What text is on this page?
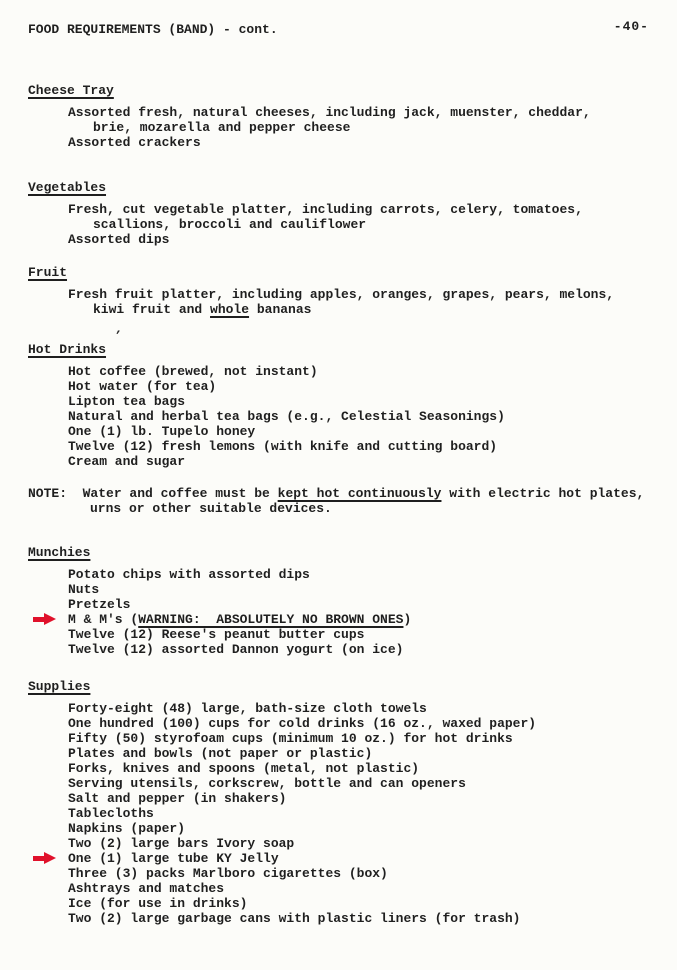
FOOD REQUIREMENTS (BAND) - cont.	-40-
Cheese Tray
Assorted fresh, natural cheeses, including jack, muenster, cheddar,
brie, mozarella and pepper cheese
Assorted crackers
Vegetables
Fresh, cut vegetable platter, including carrots, celery, tomatoes,
scallions, broccoli and cauliflower
Assorted dips
Fruit
Fresh fruit platter, including apples, oranges, grapes, pears, melons,
kiwi fruit and whole bananas
Hot Drinks
’
Hot coffee (brewed, not instant)
Hot water (for tea)
Lipton tea bags
Natural and herbal tea bags (e.g., Celestial Seasonings)
One (1) lb. Tupelo honey
Twelve (12) fresh lemons (with knife and cutting board)
Cream and sugar
NOTE:  Water and coffee must be kept hot continuously with electric hot plates,
urns or other suitable devices.
Munchies
Potato chips with assorted dips
Nuts
Pretzels
M & M's (WARNING:  ABSOLUTELY NO BROWN ONES)
Twelve (12) Reese's peanut butter cups
Twelve (12) assorted Dannon yogurt (on ice)
Supplies
Forty-eight (48) large, bath-size cloth towels
One hundred (100) cups for cold drinks (16 oz., waxed paper)
Fifty (50) styrofoam cups (minimum 10 oz.) for hot drinks
Plates and bowls (not paper or plastic)
Forks, knives and spoons (metal, not plastic)
Serving utensils, corkscrew, bottle and can openers
Salt and pepper (in shakers)
Tablecloths
Napkins (paper)
Two (2) large bars Ivory soap
One (1) large tube KY Jelly
Three (3) packs Marlboro cigarettes (box)
Ashtrays and matches
Ice (for use in drinks)
Two (2) large garbage cans with plastic liners (for trash)
